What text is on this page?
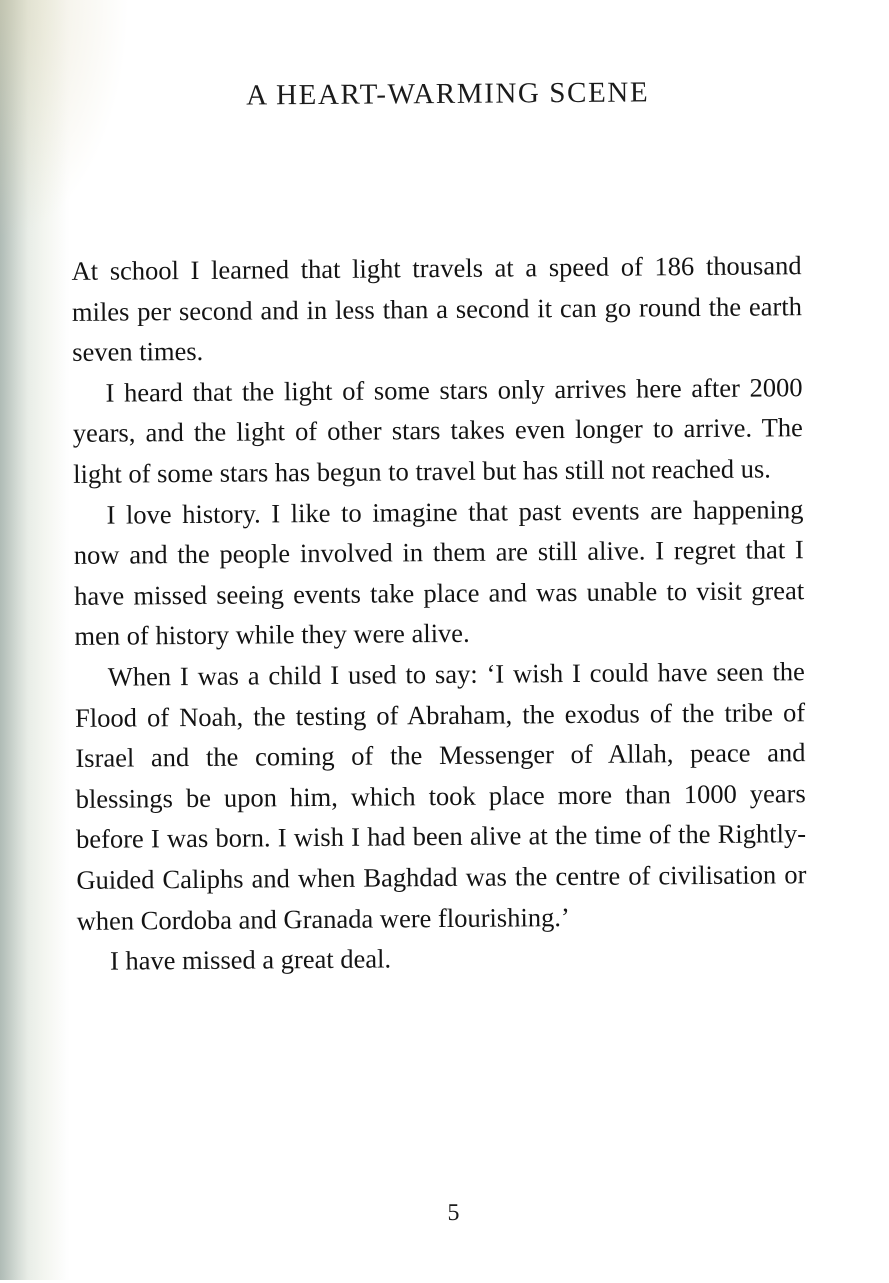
A HEART-WARMING SCENE

At school I learned that light travels at a speed of 186 thousand miles per second and in less than a second it can go round the earth seven times.

I heard that the light of some stars only arrives here after 2000 years, and the light of other stars takes even longer to arrive. The light of some stars has begun to travel but has still not reached us.

I love history. I like to imagine that past events are happening now and the people involved in them are still alive. I regret that I have missed seeing events take place and was unable to visit great men of history while they were alive.

When I was a child I used to say: ‘I wish I could have seen the Flood of Noah, the testing of Abraham, the exodus of the tribe of Israel and the coming of the Messenger of Allah, peace and blessings be upon him, which took place more than 1000 years before I was born. I wish I had been alive at the time of the Rightly-Guided Caliphs and when Baghdad was the centre of civilisation or when Cordoba and Granada were flourishing.’

I have missed a great deal.

5
